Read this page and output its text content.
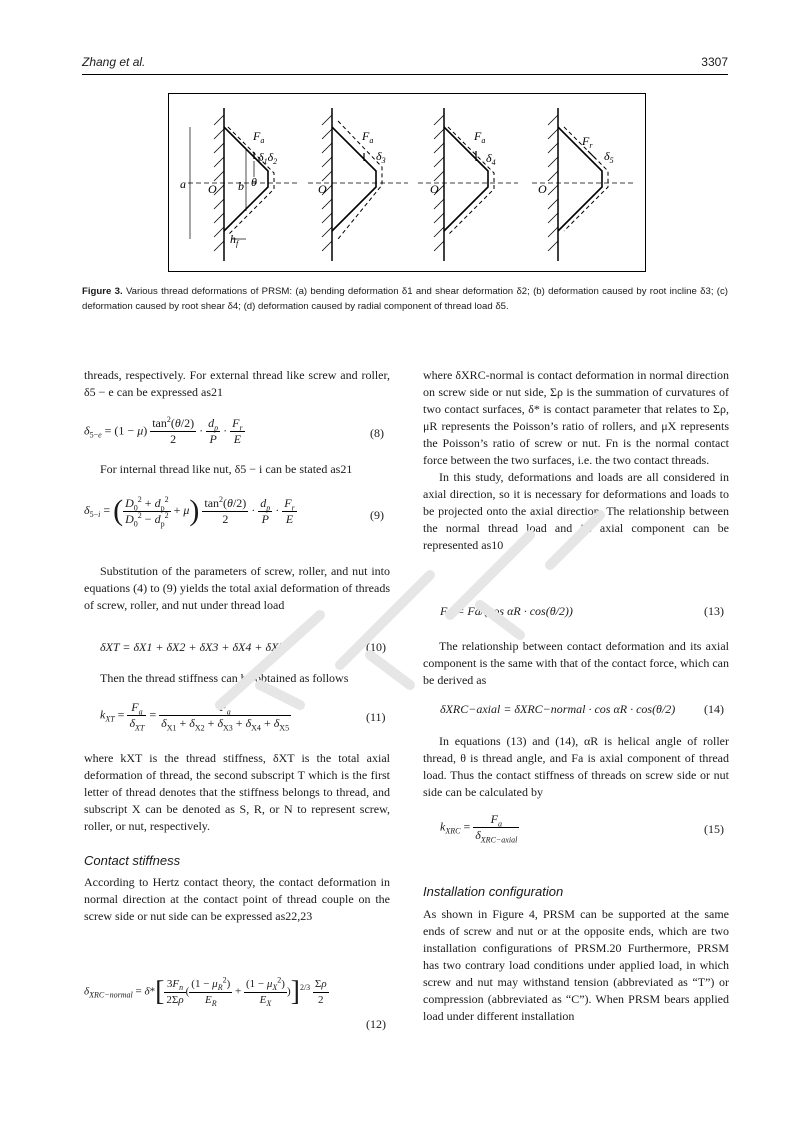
Zhang et al.	3307
$F_a$
$\delta_1\delta_2$
a O b θ
$h_f$
$F_a$
$\delta_3$
O
$F_a$
$\delta_4$
O
$F_r$
$\delta_5$
O
Figure 3. Various thread deformations of PRSM: (a) bending deformation δ1 and shear deformation δ2; (b) deformation caused by root incline δ3; (c) deformation caused by root shear δ4; (d) deformation caused by radial component of thread load δ5.

threads, respectively. For external thread like screw and roller, δ5 − e can be expressed as21

$\delta_{5-e} = (1 - \mu) \frac{\tan^2(\theta/2)}{2} \cdot \frac{d_p}{P} \cdot \frac{F_r}{E}$	(8)

For internal thread like nut, δ5 − i can be stated as21

$\delta_{5-i}$ = ( $\frac{D_0^2 + d_p^2}{D_0^2 - d_p^2} + \mu) \frac{\tan^2(\theta/2)}{2} \cdot \frac{d_p}{P} \cdot \frac{F_r}{E}$	(9)

Substitution of the parameters of screw, roller, and nut into equations (4) to (9) yields the total axial deformation of threads of screw, roller, and nut under thread load

δXT = δX1 + δX2 + δX3 + δX4 + δX5	(10)

Then the thread stiffness can be obtained as follows

$k_{XT} = \frac{F_a}{\delta_{XT}} = \frac{F_a}{\delta_{X1} + \delta_{X2} + \delta_{X3} + \delta_{X4} + \delta_{X5}}$	(11)

where kXT is the thread stiffness, δXT is the total axial deformation of thread, the second subscript T which is the first letter of thread denotes that the stiffness belongs to thread, and subscript X can be denoted as S, R, or N to represent screw, roller, or nut, respectively.

Contact stiffness

According to Hertz contact theory, the contact deformation in normal direction at the contact point of thread couple on the screw side or nut side can be expressed as22,23

$\delta_{XRC-normal} = \delta*[ \frac{3F_n}{2\Sigma\rho}$ ( $\frac{(1 - \mu_R^2)}{E_R} + \frac{(1 - \mu_X^2)}{E_X} )]^{2/3} \frac{\Sigma\rho}{2}$
(12)

where δXRC-normal is contact deformation in normal direction on screw side or nut side, Σρ is the summation of curvatures of two contact surfaces, δ* is contact parameter that relates to Σρ, μR represents the Poisson’s ratio of rollers, and μX represents the Poisson’s ratio of screw or nut. Fn is the normal contact force between the two surfaces, i.e. the two contact threads.

In this study, deformations and loads are all considered in axial direction, so it is necessary for deformations and loads to be projected onto the axial direction. The relationship between the normal thread load and its axial component can be represented as10

Fa = Fa/(cos αR · cos(θ/2))	(13)

The relationship between contact deformation and its axial component is the same with that of the contact force, which can be derived as

δXRC−axial = δXRC−normal · cos αR · cos(θ/2) (14)

In equations (13) and (14), αR is helical angle of roller thread, θ is thread angle, and Fa is axial component of thread load. Thus the contact stiffness of threads on screw side or nut side can be calculated by

$k_{XRC} = \frac{F_a}{\delta_{XRC-axial}}$	(15)
Installation configuration

As shown in Figure 4, PRSM can be supported at the same ends of screw and nut or at the opposite ends, which are two installation configurations of PRSM.20 Furthermore, PRSM has two contrary load conditions under applied load, in which screw and nut may withstand tension (abbreviated as “T”) or compression (abbreviated as “C”). When PRSM bears applied load under different installation
